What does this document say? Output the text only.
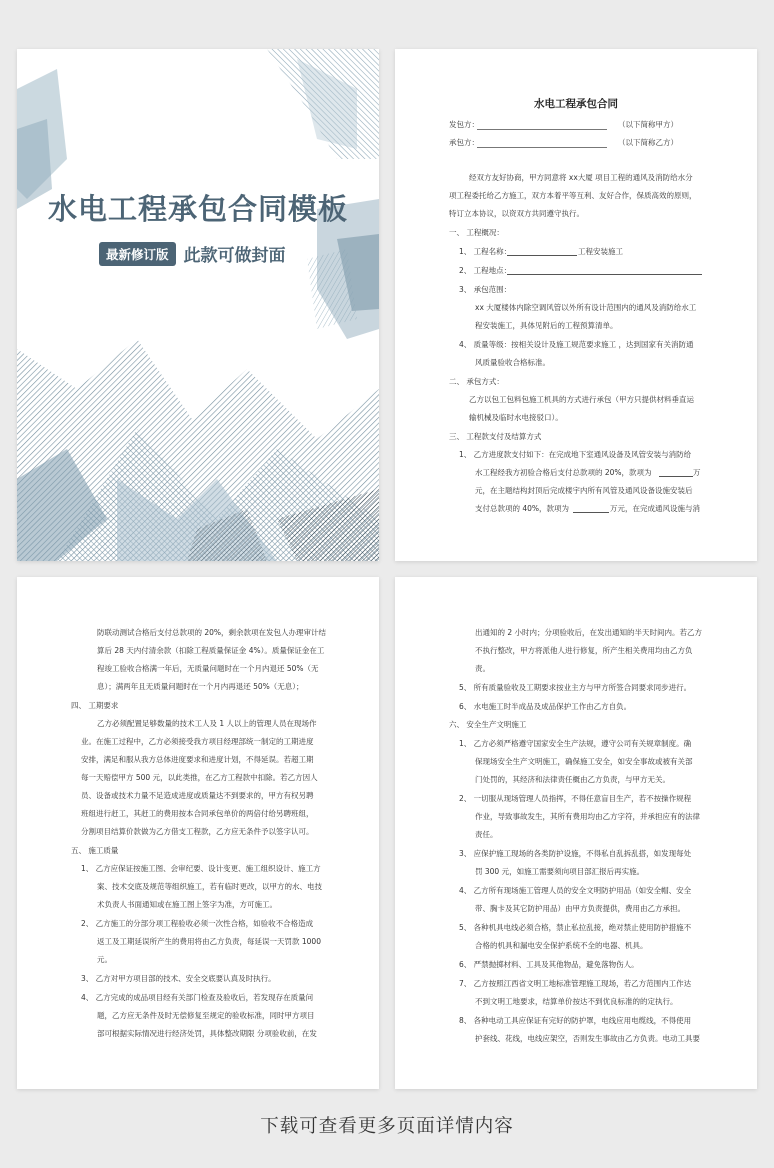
水电工程承包合同模板
最新修订版 此款可做封面
水电工程承包合同
发包方：	（以下简称甲方）
承包方：	（以下简称乙方）
经双方友好协商，甲方同意将 xx大厦 项目工程的通风及消防给水分
项工程委托给乙方施工，双方本着平等互利、友好合作，保质高效的原则，
特订立本协议，以资双方共同遵守执行。
一、 工程概况：
1、 工程名称：	工程安装施工
2、 工程地点：
3、 承包范围：
xx 大厦楼体内除空调风管以外所有设计范围内的通风及消防给水工
程安装施工，具体见附后的工程预算清单。
4、 质量等级：按相关设计及施工规范要求施工 ，达到国家有关消防通
风质量验收合格标准。
二、 承包方式：
乙方以包工包料包施工机具的方式进行承包（甲方只提供材料垂直运
输机械及临时水电接驳口）。
三、 工程款支付及结算方式
1、 乙方进度款支付如下：在完成地下室通风设备及风管安装与消防给
水工程经我方初验合格后支付总款项的 20%，款项为	万
元，在主题结构封顶后完成楼宇内所有风管及通风设备设施安装后
支付总款项的 40%，款项为	万元，在完成通风设施与消
防联动测试合格后支付总款项的 20%，剩余款项在发包人办理审计结
算后 28 天内付清余款（扣除工程质量保证金 4%）。质量保证金在工
程竣工验收合格满一年后，无质量问题时在一个月内退还 50%（无
息）；满两年且无质量问题时在一个月内再退还 50%（无息）；
四、 工期要求
乙方必须配置足够数量的技术工人及 1 人以上的管理人员在现场作
业。在施工过程中，乙方必须接受我方项目经理部统一制定的工期进度
安排，满足和服从我方总体进度要求和进度计划，不得延误。若超工期
每一天赔偿甲方 500 元，以此类推，在乙方工程款中扣除。若乙方因人
员、设备或技术力量不足造成进度或质量达不到要求的，甲方有权另聘
班组进行赶工，其赶工的费用按本合同承包单价的两倍付给另聘班组，
分割项目结算价款做为乙方借支工程款，乙方应无条件予以签字认可。
五、 施工质量
1、 乙方应保证按施工图、会审纪要、设计变更、施工组织设计、施工方
案、技术交底及规范等组织施工，若有临时更改，以甲方的水、电技
术负责人书面通知或在施工图上签字为准，方可施工。
2、 乙方施工的分部分项工程验收必须一次性合格，如验收不合格造成
返工及工期延误所产生的费用将由乙方负责，每延误一天罚款 1000
元。
3、 乙方对甲方项目部的技术、安全交底要认真及时执行。
4、 乙方完成的成品项目经有关部门检查及验收后，若发现存在质量问
题，乙方应无条件及时无偿修复至规定的验收标准，同时甲方项目
部可根据实际情况进行经济处罚，具体整改期限 分项验收前，在发
出通知的 2 小时内；分项验收后，在发出通知的半天时间内。若乙方
不执行整改，甲方将派他人进行修复，所产生相关费用均由乙方负
责。
5、 所有质量验收及工期要求按业主方与甲方所签合同要求同步进行。
6、 水电施工时半成品及成品保护工作由乙方自负。
六、 安全生产文明施工
1、 乙方必须严格遵守国家安全生产法规，遵守公司有关规章制度。确
保现场安全生产文明施工，确保施工安全，如安全事故或被有关部
门处罚的，其经济和法律责任概由乙方负责，与甲方无关。
2、 一切服从现场管理人员指挥，不得任意盲目生产，若不按操作规程
作业，导致事故发生，其所有费用均由乙方字符，并承担应有的法律
责任。
3、 应保护施工现场的各类防护设施，不得私自乱拆乱搭，如发现每处
罚 300 元，如施工需要须向项目部汇报后再实施。
4、 乙方所有现场施工管理人员的安全文明防护用品（如安全帽、安全
带、胸卡及其它防护用品）由甲方负责提供，费用由乙方承担。
5、 各种机具电线必须合格，禁止私拉乱接，绝对禁止使用防护措施不
合格的机具和漏电安全保护系统不全的电器、机具。
6、 严禁抛掷材料、工具及其他物品，避免落物伤人。
7、 乙方按照江西省文明工地标准管理施工现场，若乙方范围内工作达
不到文明工地要求，结算单价按达不到优良标准的的定执行。
8、 各种电动工具应保证有完好的防护罩，电线应用电缆线，不得使用
护套线、花线，电线应架空，否则发生事故由乙方负责。电动工具要
下载可查看更多页面详情内容
